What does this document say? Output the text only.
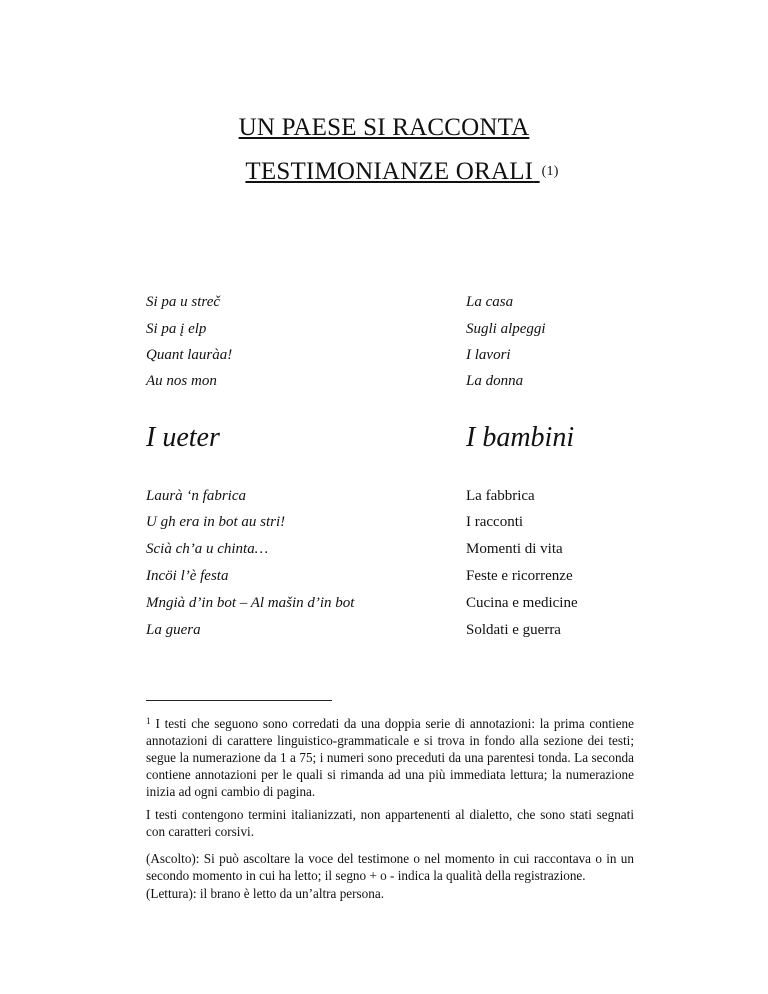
UN PAESE SI RACCONTA
TESTIMONIANZE ORALI $^{(1)}$
Si pa u streč	La casa
Si pa į elp	Sugli alpeggi
Quant lauràa!	I lavori
Au nos mon	La donna
I ueter	I bambini
Laurà ‘n fabrica	La fabbrica
U gh era in bot au stri!	I racconti
Scià ch’a u chinta…	Momenti di vita
Incöi l’è festa	Feste e ricorrenze
Mngià d’in bot – Al mašin d’in bot	Cucina e medicine
La guera	Soldati e guerra

$^1$ I testi che seguono sono corredati da una doppia serie di annotazioni: la prima contiene annotazioni di carattere linguistico-grammaticale e si trova in fondo alla sezione dei testi; segue la numerazione da 1 a 75; i numeri sono preceduti da una parentesi tonda. La seconda contiene annotazioni per le quali si rimanda ad una più immediata lettura; la numerazione inizia ad ogni cambio di pagina.

I testi contengono termini italianizzati, non appartenenti al dialetto, che sono stati segnati con caratteri corsivi.

(Ascolto): Si può ascoltare la voce del testimone o nel momento in cui raccontava o in un secondo momento in cui ha letto; il segno + o - indica la qualità della registrazione.

(Lettura): il brano è letto da un’altra persona.
